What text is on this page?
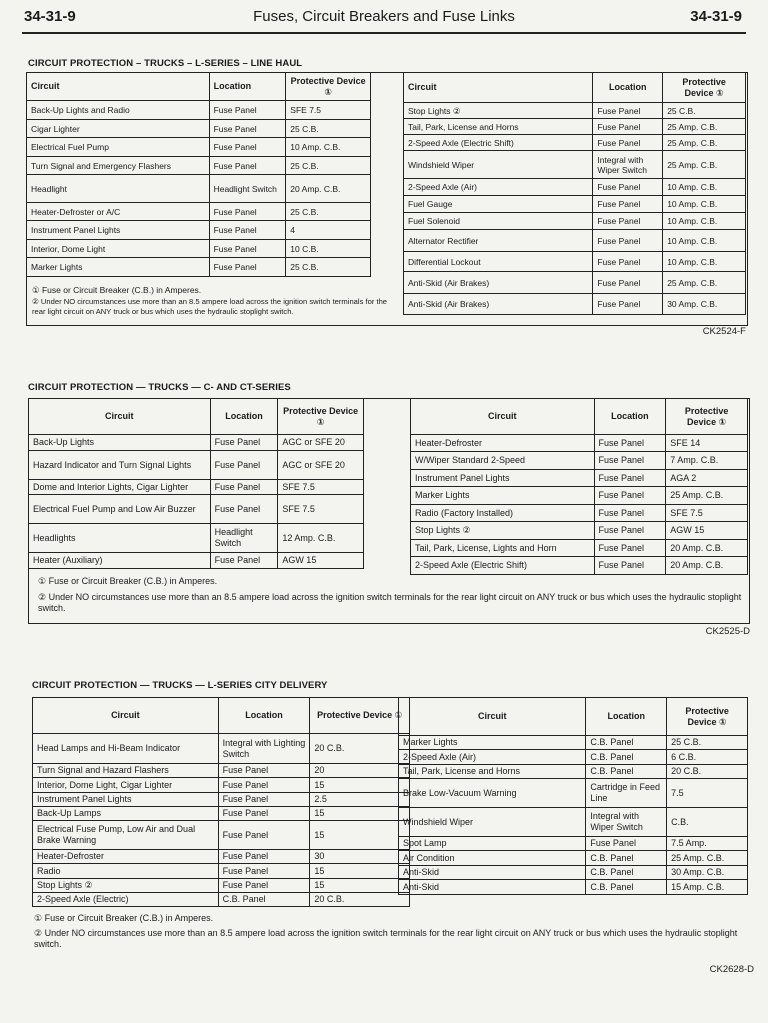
34-31-9	Fuses, Circuit Breakers and Fuse Links	34-31-9
CIRCUIT PROTECTION – TRUCKS – L-SERIES – LINE HAUL
Circuit	Location	Protective Device ①
Back-Up Lights and Radio	Fuse Panel	SFE 7.5
Cigar Lighter	Fuse Panel	25 C.B.
Electrical Fuel Pump	Fuse Panel	10 Amp. C.B.
Turn Signal and Emergency Flashers	Fuse Panel	25 C.B.
Headlight	Headlight Switch	20 Amp. C.B.
Heater-Defroster or A/C	Fuse Panel	25 C.B.
Instrument Panel Lights	Fuse Panel	4
Interior, Dome Light	Fuse Panel	10 C.B.
Marker Lights	Fuse Panel	25 C.B.
Circuit	Location	Protective Device ①
Stop Lights ②	Fuse Panel	25 C.B.
Tail, Park, License and Horns	Fuse Panel	25 Amp. C.B.
2-Speed Axle (Electric Shift)	Fuse Panel	25 Amp. C.B.
Windshield Wiper	Integral with Wiper Switch	25 Amp. C.B.
2-Speed Axle (Air)	Fuse Panel	10 Amp. C.B.
Fuel Gauge	Fuse Panel	10 Amp. C.B.
Fuel Solenoid	Fuse Panel	10 Amp. C.B.
Alternator Rectifier	Fuse Panel	10 Amp. C.B.
Differential Lockout	Fuse Panel	10 Amp. C.B.
Anti-Skid (Air Brakes)	Fuse Panel	25 Amp. C.B.
Anti-Skid (Air Brakes)	Fuse Panel	30 Amp. C.B.
① Fuse or Circuit Breaker (C.B.) in Amperes.
② Under NO circumstances use more than an 8.5 ampere load across the ignition switch terminals for the rear light circuit on ANY truck or bus which uses the hydraulic stoplight switch.
CK2524-F
CIRCUIT PROTECTION — TRUCKS — C- AND CT-SERIES
Circuit	Location	Protective Device ①
Back-Up Lights	Fuse Panel	AGC or SFE 20
Hazard Indicator and Turn Signal Lights	Fuse Panel	AGC or SFE 20
Dome and Interior Lights, Cigar Lighter	Fuse Panel	SFE 7.5
Electrical Fuel Pump and Low Air Buzzer	Fuse Panel	SFE 7.5
Headlights	Headlight Switch	12 Amp. C.B.
Heater (Auxiliary)	Fuse Panel	AGW 15
Circuit	Location	Protective Device ①
Heater-Defroster	Fuse Panel	SFE 14
W/Wiper Standard 2-Speed	Fuse Panel	7 Amp. C.B.
Instrument Panel Lights	Fuse Panel	AGA 2
Marker Lights	Fuse Panel	25 Amp. C.B.
Radio (Factory Installed)	Fuse Panel	SFE 7.5
Stop Lights ②	Fuse Panel	AGW 15
Tail, Park, License, Lights and Horn	Fuse Panel	20 Amp. C.B.
2-Speed Axle (Electric Shift)	Fuse Panel	20 Amp. C.B.
① Fuse or Circuit Breaker (C.B.) in Amperes.
② Under NO circumstances use more than an 8.5 ampere load across the ignition switch terminals for the rear light circuit on ANY truck or bus which uses the hydraulic stoplight switch.
CK2525-D
CIRCUIT PROTECTION — TRUCKS — L-SERIES CITY DELIVERY
Circuit	Location	Protective Device ①
Head Lamps and Hi-Beam Indicator	Integral with Lighting Switch	20 C.B.
Turn Signal and Hazard Flashers	Fuse Panel	20
Interior, Dome Light, Cigar Lighter	Fuse Panel	15
Instrument Panel Lights	Fuse Panel	2.5
Back-Up Lamps	Fuse Panel	15
Electrical Fuse Pump, Low Air and Dual Brake Warning	Fuse Panel	15
Heater-Defroster	Fuse Panel	30
Radio	Fuse Panel	15
Stop Lights ②	Fuse Panel	15
2-Speed Axle (Electric)	C.B. Panel	20 C.B.
Circuit	Location	Protective Device ①
Marker Lights	C.B. Panel	25 C.B.
2-Speed Axle (Air)	C.B. Panel	6 C.B.
Tail, Park, License and Horns	C.B. Panel	20 C.B.
Brake Low-Vacuum Warning	Cartridge in Feed Line	7.5
Windshield Wiper	Integral with Wiper Switch	C.B.
Spot Lamp	Fuse Panel	7.5 Amp.
Air Condition	C.B. Panel	25 Amp. C.B.
Anti-Skid	C.B. Panel	30 Amp. C.B.
Anti-Skid	C.B. Panel	15 Amp. C.B.
① Fuse or Circuit Breaker (C.B.) in Amperes.
② Under NO circumstances use more than an 8.5 ampere load across the ignition switch terminals for the rear light circuit on ANY truck or bus which uses the hydraulic stoplight switch.
CK2628-D
